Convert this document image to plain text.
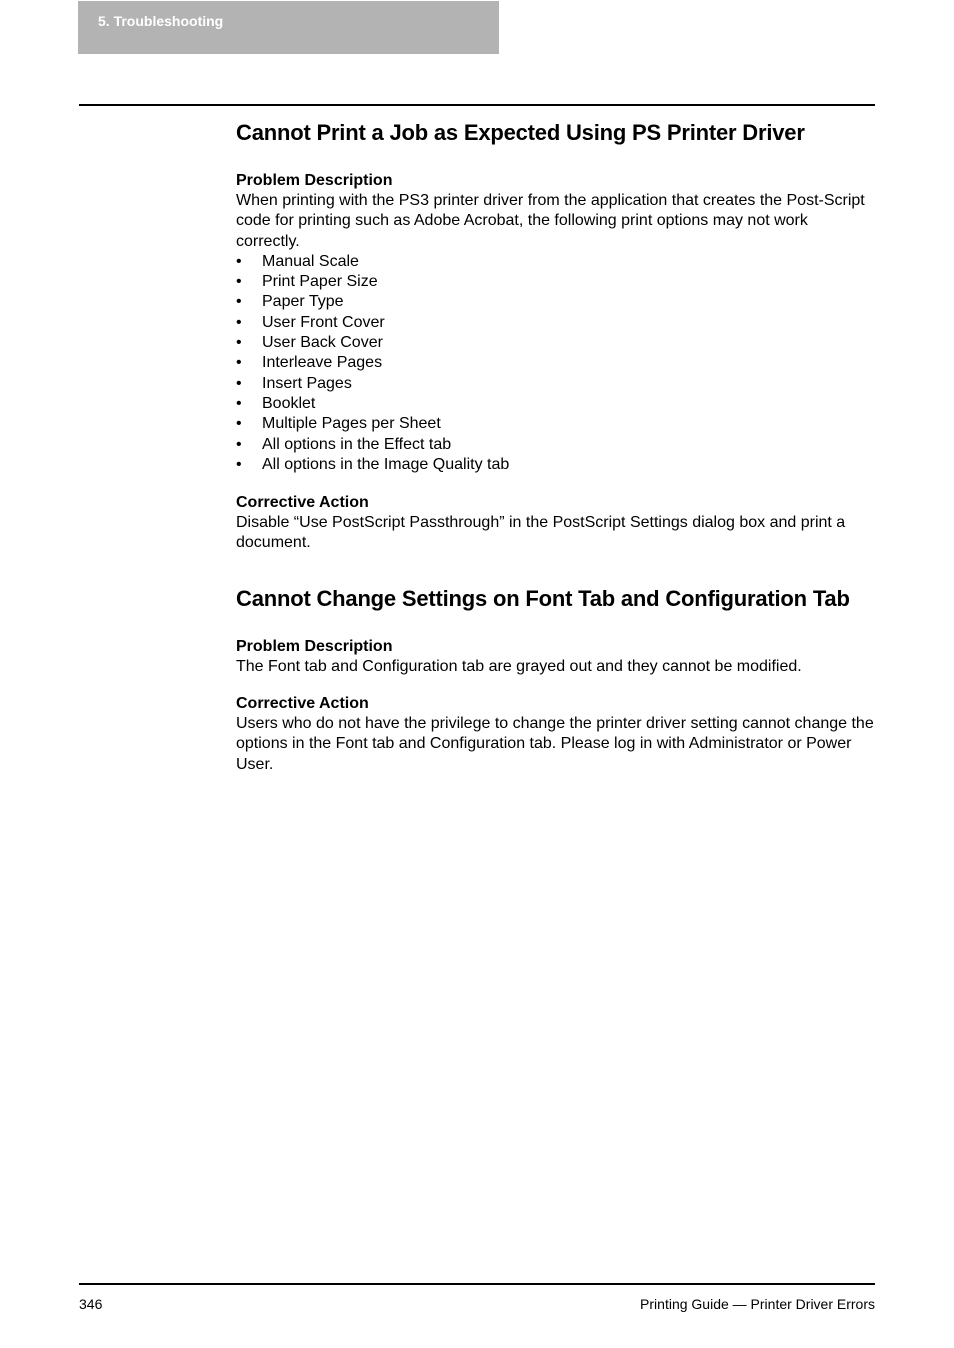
5. Troubleshooting
Cannot Print a Job as Expected Using PS Printer Driver

Problem Description

When printing with the PS3 printer driver from the application that creates the Post-Script code for printing such as Adobe Acrobat, the following print options may not work correctly.

• Manual Scale
• Print Paper Size
• Paper Type
• User Front Cover
• User Back Cover
• Interleave Pages
• Insert Pages
• Booklet
• Multiple Pages per Sheet
• All options in the Effect tab
• All options in the Image Quality tab

Corrective Action

Disable “Use PostScript Passthrough” in the PostScript Settings dialog box and print a document.

Cannot Change Settings on Font Tab and Configuration Tab

Problem Description

The Font tab and Configuration tab are grayed out and they cannot be modified.

Corrective Action

Users who do not have the privilege to change the printer driver setting cannot change the options in the Font tab and Configuration tab. Please log in with Administrator or Power User.

346	Printing Guide — Printer Driver Errors
